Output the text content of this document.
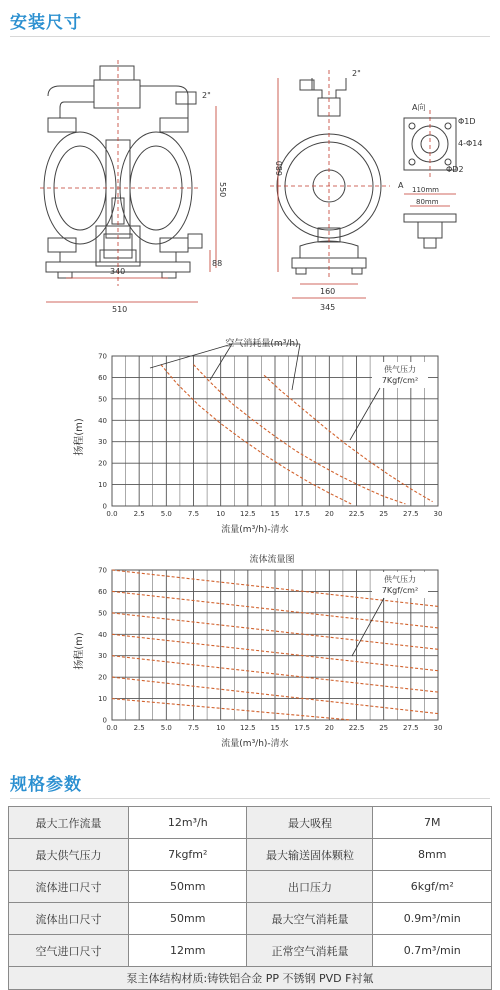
安装尺寸
340
510
550
88
2"
680
160
345
2"
A向
Φ1D
4-Φ14
ΦD2
A 110mm
80mm
0.0 2.5 5.0 7.5 10 12.5 15 17.5 20 22.5 25 27.5 30
0
10
20
30
40
50
60
70
流量(m³/h)-清水
扬程(m)
空气消耗量(m³/h)
供气压力
7Kgf/cm²
0.0 2.5 5.0 7.5 10 12.5 15 17.5 20 22.5 25 27.5 30
0
10
20
30
40
50
60
70
流量(m³/h)-清水
扬程(m)
流体流量图
供气压力
7Kgf/cm²
规格参数
最大工作流量	12m³/h	最大吸程	7M
最大供气压力	7kgfm²	最大输送固体颗粒	8mm
流体进口尺寸	50mm	出口压力	6kgf/m²
流体出口尺寸	50mm	最大空气消耗量	0.9m³/min
空气进口尺寸	12mm	正常空气消耗量	0.7m³/min
泵主体结构材质:铸铁铝合金 PP 不锈钢 PVD F衬氟			
